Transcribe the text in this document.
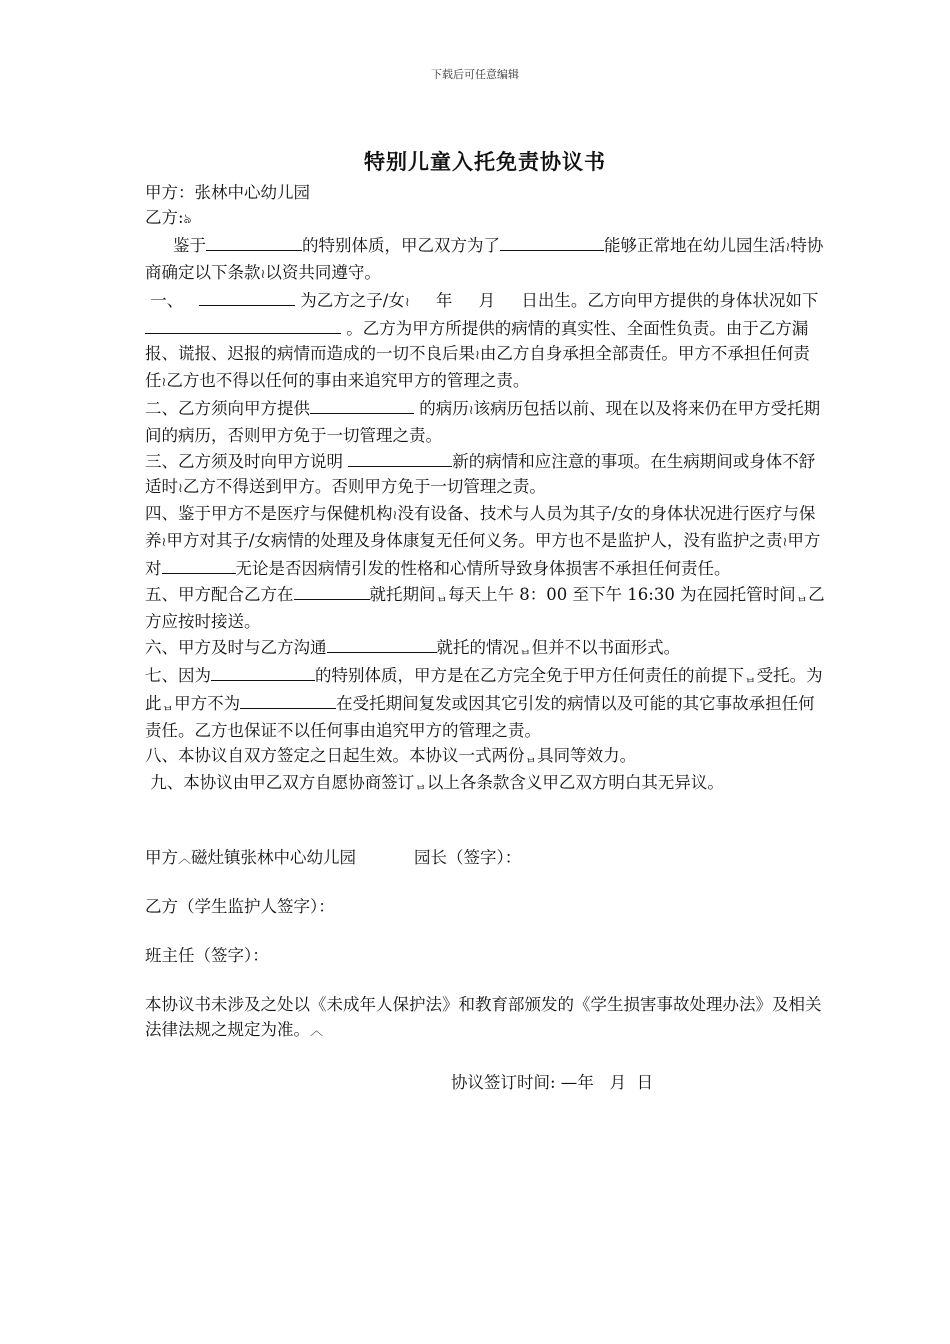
下载后可任意编辑
特别儿童入托免责协议书

甲方：张林中心幼儿园

乙方:ঌ

鉴于	的特别体质，甲乙双方为了	能够正常地在幼儿园生活≀特协商确定以下条款≀以资共同遵守。

一、	为乙方之子/女≀ 年 月 日出生。乙方向甲方提供的身体状况如下  。乙方为甲方所提供的病情的真实性、全面性负责。由于乙方漏报、谎报、迟报的病情而造成的一切不良后果≀由乙方自身承担全部责任。甲方不承担任何责任≀乙方也不得以任何的事由来追究甲方的管理之责。

二、乙方须向甲方提供	的病历≀该病历包括以前、现在以及将来仍在甲方受托期间的病历，否则甲方免于一切管理之责。

三、乙方须及时向甲方说明	新的病情和应注意的事项。在生病期间或身体不舒适时≀乙方不得送到甲方。否则甲方免于一切管理之责。

四、鉴于甲方不是医疗与保健机构≀没有设备、技术与人员为其子/女的身体状况进行医疗与保养≀甲方对其子/女病情的处理及身体康复无任何义务。甲方也不是监护人，没有监护之责≀甲方对	无论是否因病情引发的性格和心情所导致身体损害不承担任何责任。

五、甲方配合乙方在	就托期间ᆸ每天上午 8：00 至下午 16:30 为在园托管时间ᆸ乙方应按时接送。

六、甲方及时与乙方沟通	就托的情况ᆸ但并不以书面形式。

七、因为	的特别体质，甲方是在乙方完全免于甲方任何责任的前提下ᆸ受托。为此ᆸ甲方不为	在受托期间复发或因其它引发的病情以及可能的其它事故承担任何责任。乙方也保证不以任何事由追究甲方的管理之责。

八、本协议自双方签定之日起生效。本协议一式两份ᆸ具同等效力。

九、本协议由甲乙双方自愿协商签订ᆸ以上各条款含义甲乙双方明白其无异议。

甲方︿磁灶镇张林中心幼儿园	园长（签字）：
乙方（学生监护人签字）：
班主任（签字）：

本协议书未涉及之处以《未成年人保护法》和教育部颁发的《学生损害事故处理办法》及相关法律法规之规定为准。︿

协议签订时间: —年 月 日
